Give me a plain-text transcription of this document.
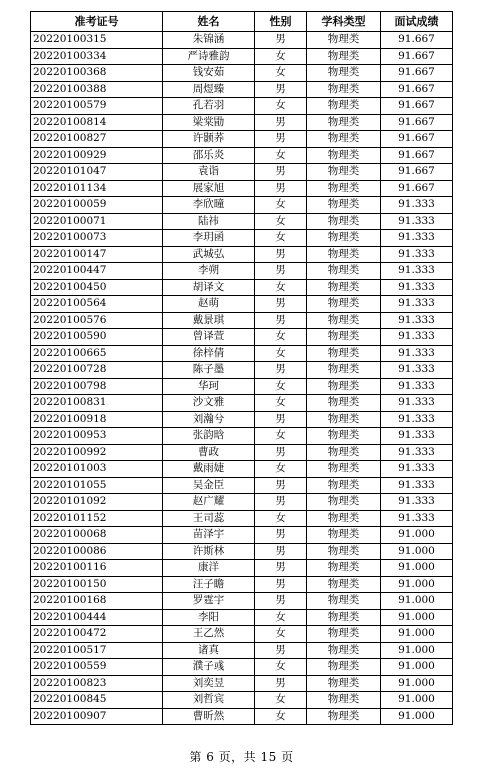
准考证号	姓名	性别	学科类型	面试成绩
20220100315	朱锦涵	男	物理类	91.667
20220100334	严诗雅韵	女	物理类	91.667
20220100368	钱安茹	女	物理类	91.667
20220100388	周煜臻	男	物理类	91.667
20220100579	孔若羽	女	物理类	91.667
20220100814	梁棠勖	男	物理类	91.667
20220100827	许颢荞	男	物理类	91.667
20220100929	邵乐炎	女	物理类	91.667
20220101047	袁诣	男	物理类	91.667
20220101134	展家旭	男	物理类	91.667
20220100059	李欣曈	女	物理类	91.333
20220100071	陆祎	女	物理类	91.333
20220100073	李玥函	女	物理类	91.333
20220100147	武城弘	男	物理类	91.333
20220100447	李朔	男	物理类	91.333
20220100450	胡译文	女	物理类	91.333
20220100564	赵萌	男	物理类	91.333
20220100576	戴景琪	男	物理类	91.333
20220100590	曾译萱	女	物理类	91.333
20220100665	徐梓倩	女	物理类	91.333
20220100728	陈子墨	男	物理类	91.333
20220100798	华珂	女	物理类	91.333
20220100831	沙文雅	女	物理类	91.333
20220100918	刘瀚兮	男	物理类	91.333
20220100953	张韵晗	女	物理类	91.333
20220100992	曹政	男	物理类	91.333
20220101003	戴雨婕	女	物理类	91.333
20220101055	吴金臣	男	物理类	91.333
20220101092	赵广耀	男	物理类	91.333
20220101152	王司蕊	女	物理类	91.333
20220100068	苗泽宇	男	物理类	91.000
20220100086	许斯林	男	物理类	91.000
20220100116	康洋	男	物理类	91.000
20220100150	汪子瞻	男	物理类	91.000
20220100168	罗霆宇	男	物理类	91.000
20220100444	李阳	女	物理类	91.000
20220100472	王乙然	女	物理类	91.000
20220100517	诸真	男	物理类	91.000
20220100559	濮子彧	女	物理类	91.000
20220100823	刘奕昱	男	物理类	91.000
20220100845	刘哲宾	女	物理类	91.000
20220100907	曹昕然	女	物理类	91.000
第 6 页，共 15 页
